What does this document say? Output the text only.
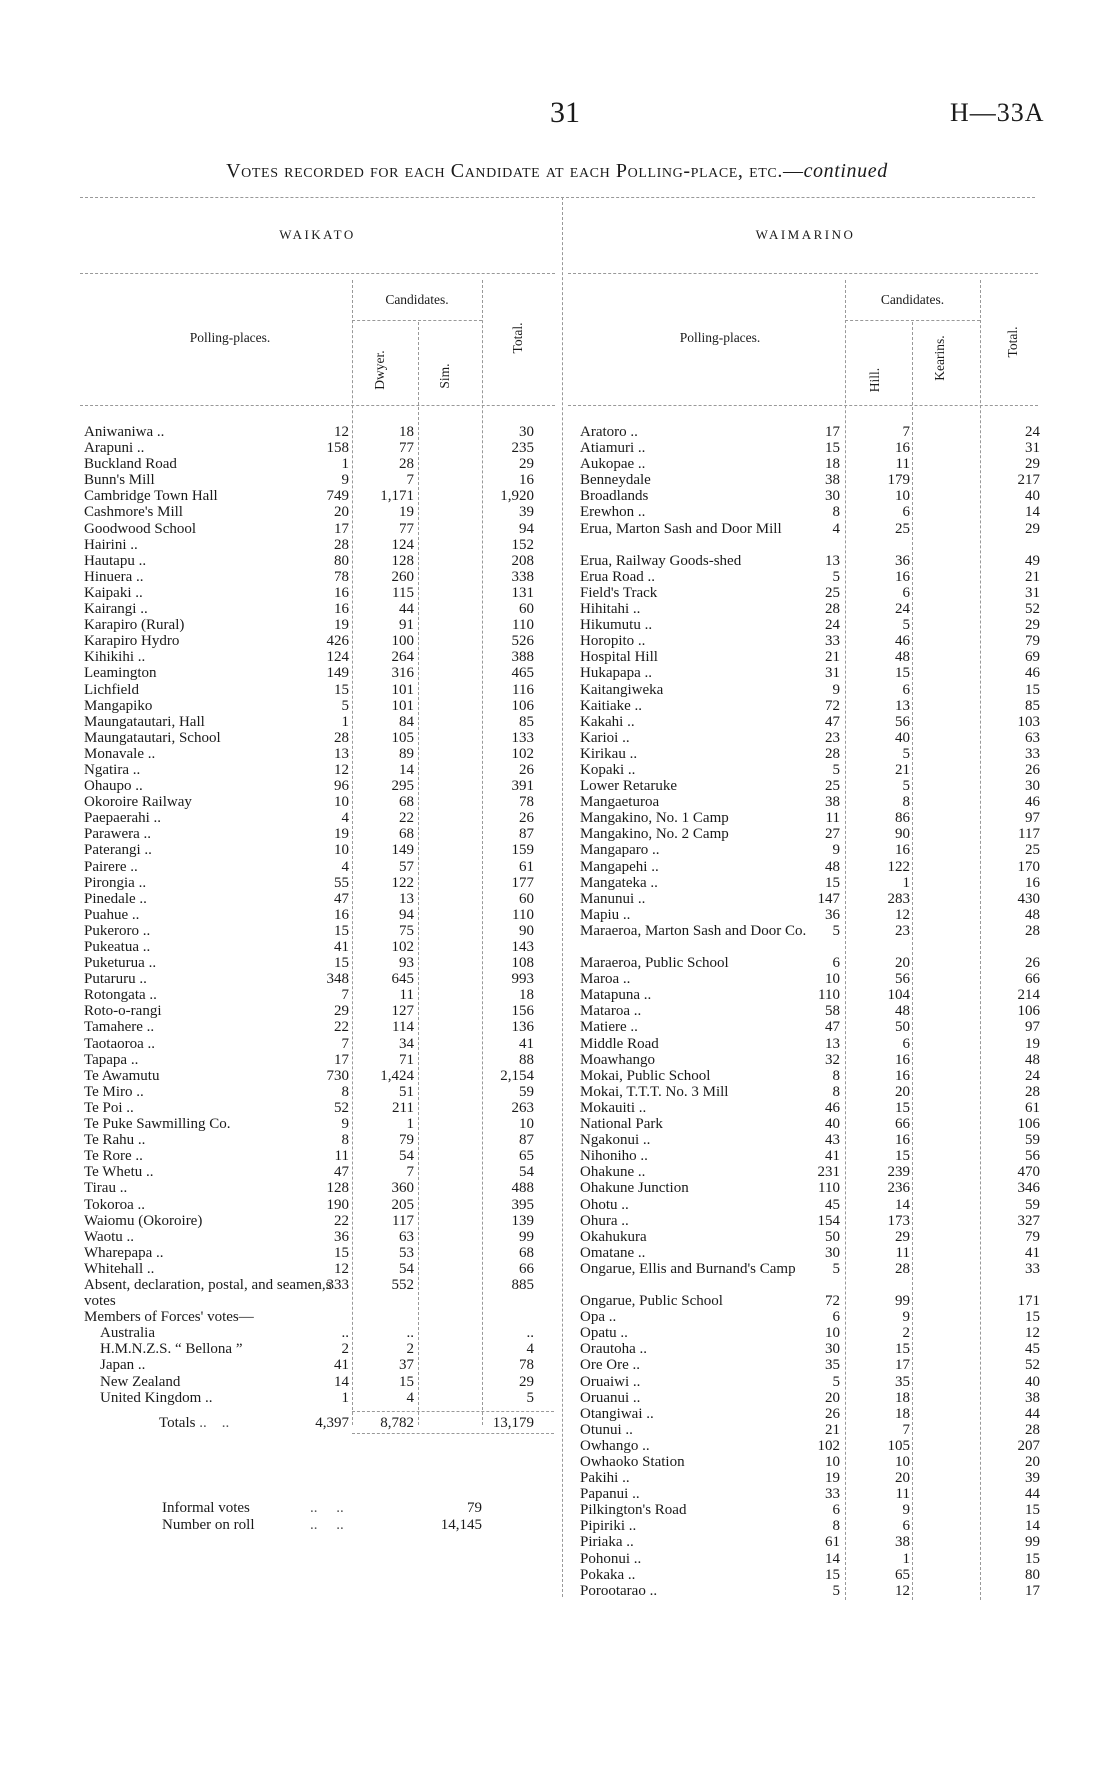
31	H—33A
Votes recorded for each Candidate at each Polling-place, etc.—continued
WAIKATO
Polling-places.
Candidates.
Dwyer.	Sim.
Total.
WAIMARINO
Polling-places.
Candidates.
Hill.	Kearins.	Total.
Aniwaniwa ..	12	18	30
Arapuni ..	158	77	235
Buckland Road	1	28	29
Bunn's Mill	9	7	16
Cambridge Town Hall	749 1,171	1,920
Cashmore's Mill	20	19	39
Goodwood School	17	77	94
Hairini ..	28	124	152
Hautapu ..	80	128	208
Hinuera ..	78	260	338
Kaipaki ..	16	115	131
Kairangi ..	16	44	60
Karapiro (Rural)	19	91	110
Karapiro Hydro	426	100	526
Kihikihi ..	124	264	388
Leamington	149	316	465
Lichfield	15	101	116
Mangapiko	5	101	106
Maungatautari, Hall	1	84	85
Maungatautari, School	28	105	133
Monavale ..	13	89	102
Ngatira ..	12	14	26
Ohaupo ..	96	295	391
Okoroire Railway	10	68	78
Paepaerahi ..	4	22	26
Parawera ..	19	68	87
Paterangi ..	10	149	159
Pairere ..	4	57	61
Pirongia ..	55	122	177
Pinedale ..	47	13	60
Puahue ..	16	94	110
Pukeroro ..	15	75	90
Pukeatua ..	41	102	143
Puketurua ..	15	93	108
Putaruru ..	348	645	993
Rotongata ..	7	11	18
Roto-o-rangi	29	127	156
Tamahere ..	22	114	136
Taotaoroa ..	7	34	41
Tapapa ..	17	71	88
Te Awamutu	730 1,424	2,154
Te Miro ..	8	51	59
Te Poi ..	52	211	263
Te Puke Sawmilling Co.	9	1	10
Te Rahu ..	8	79	87
Te Rore ..	11	54	65
Te Whetu ..	47	7	54
Tirau ..	128	360	488
Tokoroa ..	190	205	395
Waiomu (Okoroire)	22	117	139
Waotu ..	36	63	99
Wharepapa ..	15	53	68
Whitehall ..	12	54	66
Absent, declaration, postal, and seamen,s votes
333	552	885
Members of Forces' votes—
Australia	..	..	..
H.M.N.Z.S. “ Bellona ”	2	2	4
Japan ..	41	37	78
New Zealand	14	15	29
United Kingdom ..	1	4	5
Totals ..    ..	4,397 8,782	13,179
Informal votes	..     ..	79
Number on roll	..     ..	14,145
Aratoro ..	17	7	24
Atiamuri ..	15	16	31
Aukopae ..	18	11	29
Benneydale	38	179	217
Broadlands	30	10	40
Erewhon ..	8	6	14
Erua, Marton Sash and Door Mill	4	25	29
Erua, Railway Goods-shed	13	36	49
Erua Road ..	5	16	21
Field's Track	25	6	31
Hihitahi ..	28	24	52
Hikumutu ..	24	5	29
Horopito ..	33	46	79
Hospital Hill	21	48	69
Hukapapa ..	31	15	46
Kaitangiweka	9	6	15
Kaitiake ..	72	13	85
Kakahi ..	47	56	103
Karioi ..	23	40	63
Kirikau ..	28	5	33
Kopaki ..	5	21	26
Lower Retaruke	25	5	30
Mangaeturoa	38	8	46
Mangakino, No. 1 Camp	11	86	97
Mangakino, No. 2 Camp	27	90	117
Mangaparo ..	9	16	25
Mangapehi ..	48	122	170
Mangateka ..	15	1	16
Manunui ..	147	283	430
Mapiu ..	36	12	48
Maraeroa, Marton Sash and Door Co.	5	23	28
Maraeroa, Public School	6	20	26
Maroa ..	10	56	66
Matapuna ..	110	104	214
Mataroa ..	58	48	106
Matiere ..	47	50	97
Middle Road	13	6	19
Moawhango	32	16	48
Mokai, Public School	8	16	24
Mokai, T.T.T. No. 3 Mill	8	20	28
Mokauiti ..	46	15	61
National Park	40	66	106
Ngakonui ..	43	16	59
Nihoniho ..	41	15	56
Ohakune ..	231	239	470
Ohakune Junction	110	236	346
Ohotu ..	45	14	59
Ohura ..	154	173	327
Okahukura	50	29	79
Omatane ..	30	11	41
Ongarue, Ellis and Burnand's Camp	5	28	33
Ongarue, Public School	72	99	171
Opa ..	6	9	15
Opatu ..	10	2	12
Orautoha ..	30	15	45
Ore Ore ..	35	17	52
Oruaiwi ..	5	35	40
Oruanui ..	20	18	38
Otangiwai ..	26	18	44
Otunui ..	21	7	28
Owhango ..	102	105	207
Owhaoko Station	10	10	20
Pakihi ..	19	20	39
Papanui ..	33	11	44
Pilkington's Road	6	9	15
Pipiriki ..	8	6	14
Piriaka ..	61	38	99
Pohonui ..	14	1	15
Pokaka ..	15	65	80
Porootarao ..	5	12	17
